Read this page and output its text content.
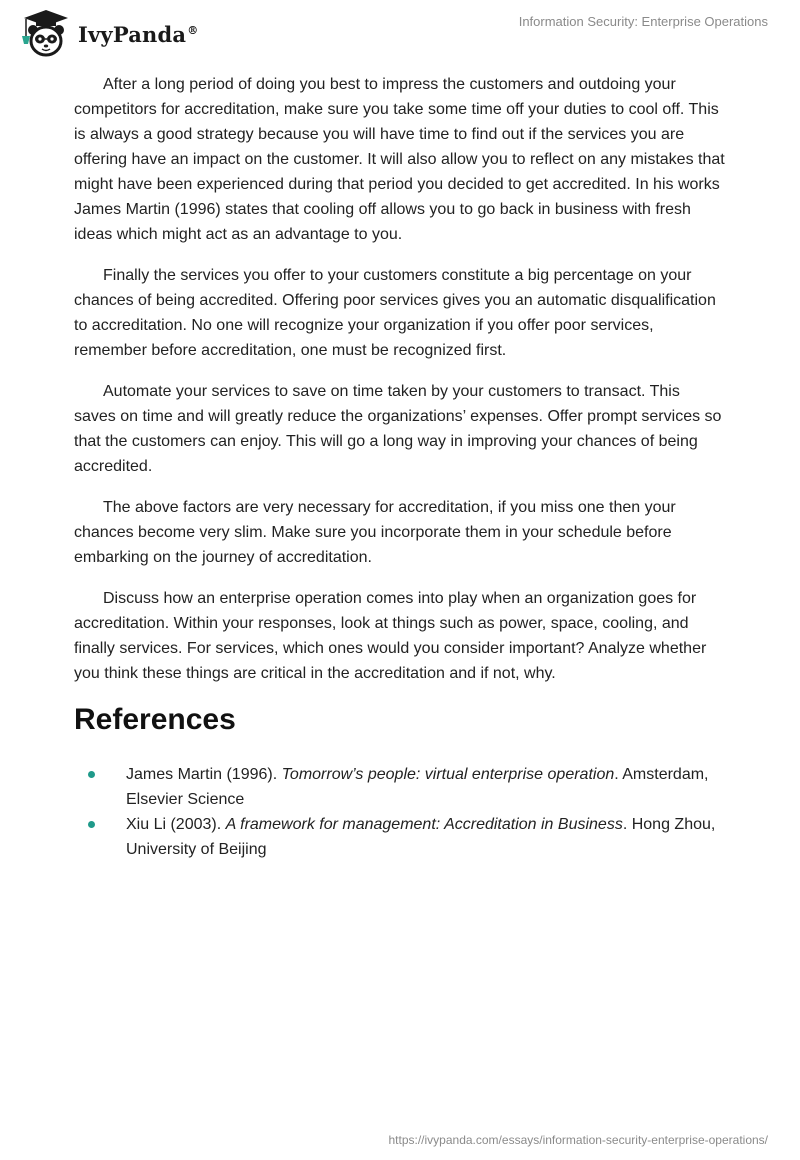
IvyPanda®
Information Security: Enterprise Operations

After a long period of doing you best to impress the customers and outdoing your competitors for accreditation, make sure you take some time off your duties to cool off. This is always a good strategy because you will have time to find out if the services you are offering have an impact on the customer. It will also allow you to reflect on any mistakes that might have been experienced during that period you decided to get accredited. In his works James Martin (1996) states that cooling off allows you to go back in business with fresh ideas which might act as an advantage to you.

Finally the services you offer to your customers constitute a big percentage on your chances of being accredited. Offering poor services gives you an automatic disqualification to accreditation. No one will recognize your organization if you offer poor services, remember before accreditation, one must be recognized first.

Automate your services to save on time taken by your customers to transact. This saves on time and will greatly reduce the organizations’ expenses. Offer prompt services so that the customers can enjoy. This will go a long way in improving your chances of being accredited.

The above factors are very necessary for accreditation, if you miss one then your chances become very slim. Make sure you incorporate them in your schedule before embarking on the journey of accreditation.

Discuss how an enterprise operation comes into play when an organization goes for accreditation. Within your responses, look at things such as power, space, cooling, and finally services. For services, which ones would you consider important? Analyze whether you think these things are critical in the accreditation and if not, why.

References
James Martin (1996). Tomorrow’s people: virtual enterprise operation. Amsterdam, Elsevier Science
Xiu Li (2003). A framework for management: Accreditation in Business. Hong Zhou, University of Beijing
https://ivypanda.com/essays/information-security-enterprise-operations/
